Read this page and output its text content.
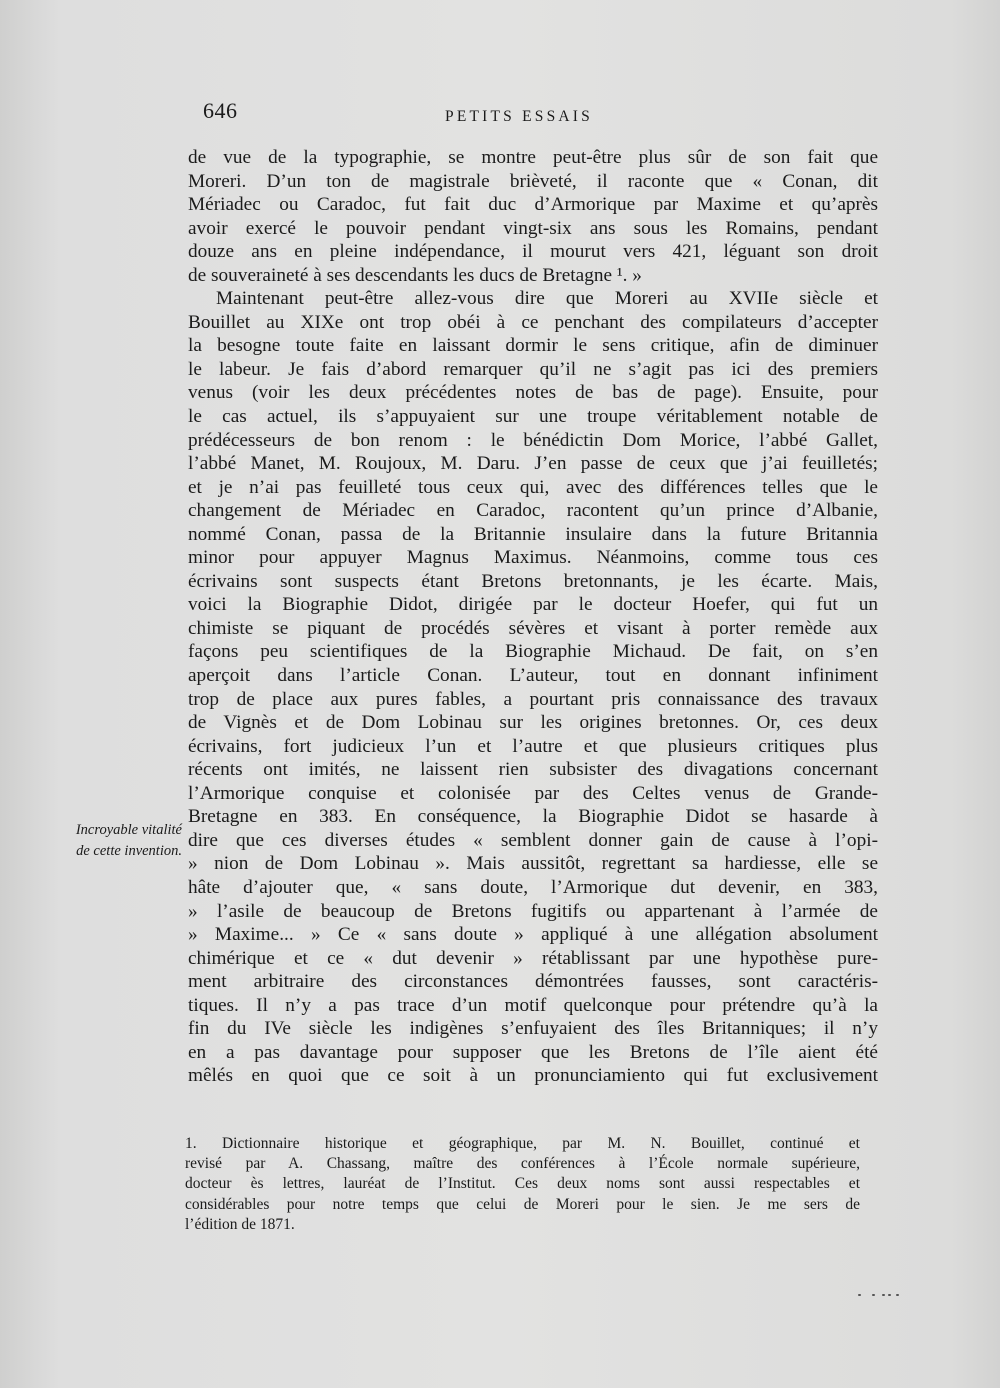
646	PETITS ESSAIS
de vue de la typographie, se montre peut-être plus sûr de son fait que
Moreri. D’un ton de magistrale brièveté, il raconte que « Conan, dit
Mériadec ou Caradoc, fut fait duc d’Armorique par Maxime et qu’après
avoir exercé le pouvoir pendant vingt-six ans sous les Romains, pendant
douze ans en pleine indépendance, il mourut vers 421, léguant son droit
de souveraineté à ses descendants les ducs de Bretagne ¹. »
Maintenant peut-être allez-vous dire que Moreri au XVIIe siècle et
Bouillet au XIXe ont trop obéi à ce penchant des compilateurs d’accepter
la besogne toute faite en laissant dormir le sens critique, afin de diminuer
le labeur. Je fais d’abord remarquer qu’il ne s’agit pas ici des premiers
venus (voir les deux précédentes notes de bas de page). Ensuite, pour
le cas actuel, ils s’appuyaient sur une troupe véritablement notable de
prédécesseurs de bon renom : le bénédictin Dom Morice, l’abbé Gallet,
l’abbé Manet, M. Roujoux, M. Daru. J’en passe de ceux que j’ai feuilletés;
et je n’ai pas feuilleté tous ceux qui, avec des différences telles que le
changement de Mériadec en Caradoc, racontent qu’un prince d’Albanie,
nommé Conan, passa de la Britannie insulaire dans la future Britannia
minor pour appuyer Magnus Maximus. Néanmoins, comme tous ces
écrivains sont suspects étant Bretons bretonnants, je les écarte. Mais,
voici la Biographie Didot, dirigée par le docteur Hoefer, qui fut un
chimiste se piquant de procédés sévères et visant à porter remède aux
façons peu scientifiques de la Biographie Michaud. De fait, on s’en
aperçoit dans l’article Conan. L’auteur, tout en donnant infiniment
trop de place aux pures fables, a pourtant pris connaissance des travaux
de Vignès et de Dom Lobinau sur les origines bretonnes. Or, ces deux
écrivains, fort judicieux l’un et l’autre et que plusieurs critiques plus
récents ont imités, ne laissent rien subsister des divagations concernant
l’Armorique conquise et colonisée par des Celtes venus de Grande-
Bretagne en 383. En conséquence, la Biographie Didot se hasarde à
dire que ces diverses études « semblent donner gain de cause à l’opi-
» nion de Dom Lobinau ». Mais aussitôt, regrettant sa hardiesse, elle se
hâte d’ajouter que, « sans doute, l’Armorique dut devenir, en 383,
» l’asile de beaucoup de Bretons fugitifs ou appartenant à l’armée de
» Maxime... » Ce « sans doute » appliqué à une allégation absolument
chimérique et ce « dut devenir » rétablissant par une hypothèse pure-
ment arbitraire des circonstances démontrées fausses, sont caractéris-
tiques. Il n’y a pas trace d’un motif quelconque pour prétendre qu’à la
fin du IVe siècle les indigènes s’enfuyaient des îles Britanniques; il n’y
en a pas davantage pour supposer que les Bretons de l’île aient été
mêlés en quoi que ce soit à un pronunciamiento qui fut exclusivement
Incroyable vitalité
de cette invention.
1. Dictionnaire historique et géographique, par M. N. Bouillet, continué et
revisé par A. Chassang, maître des conférences à l’École normale supérieure,
docteur ès lettres, lauréat de l’Institut. Ces deux noms sont aussi respectables et
considérables pour notre temps que celui de Moreri pour le sien. Je me sers de
l’édition de 1871.
